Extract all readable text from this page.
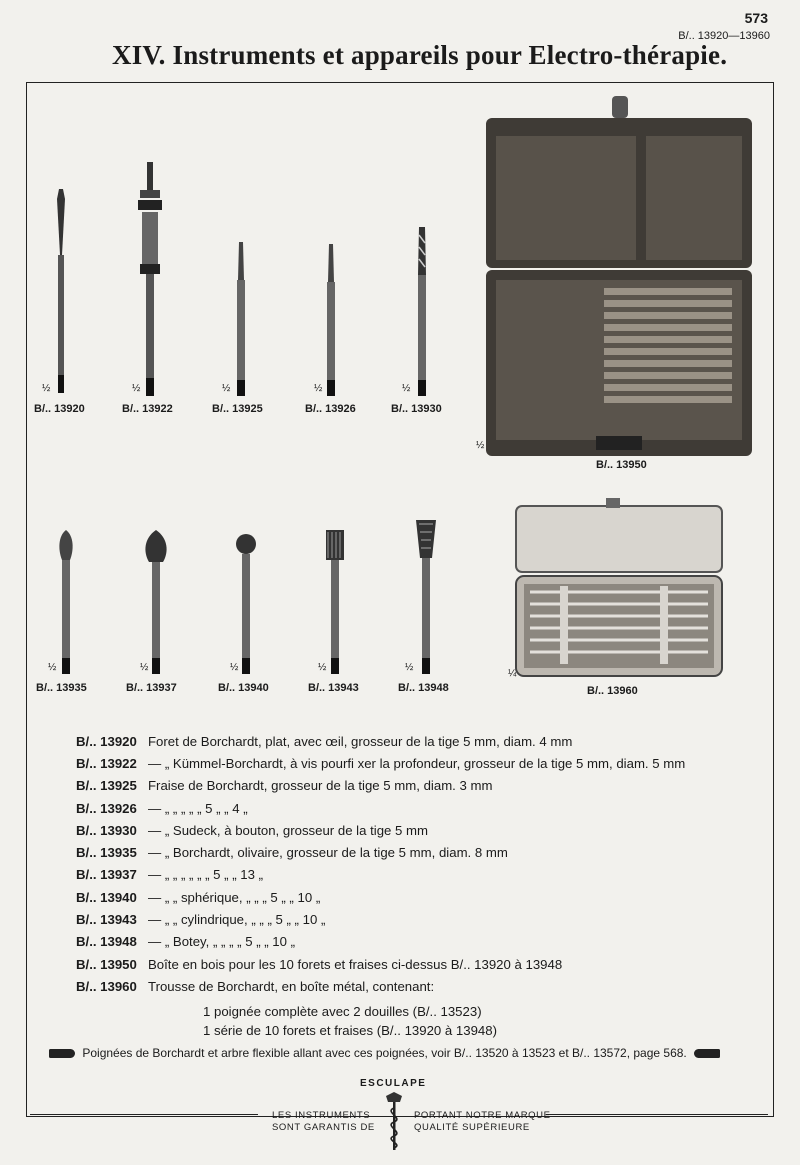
573
B/.. 13920—13960
XIV. Instruments et appareils pour Electro-thérapie.
½	½	½	½	½
B/.. 13920	B/.. 13922	B/.. 13925	B/.. 13926	B/.. 13930
½
B/.. 13950
½	½	½	½	½
B/.. 13935	B/.. 13937	B/.. 13940	B/.. 13943	B/.. 13948
¼
B/.. 13960
B/.. 13920 Foret de Borchardt, plat, avec œil, grosseur de la tige 5 mm, diam. 4 mm
B/.. 13922 — „ Kümmel-Borchardt, à vis pourfi xer la profondeur, grosseur de la tige 5 mm, diam. 5 mm
B/.. 13925 Fraise de Borchardt, grosseur de la tige 5 mm, diam. 3 mm
B/.. 13926 — „ „ „ „ „ 5 „ „ 4 „
B/.. 13930 — „ Sudeck, à bouton, grosseur de la tige 5 mm
B/.. 13935 — „ Borchardt, olivaire, grosseur de la tige 5 mm, diam. 8 mm
B/.. 13937 — „ „ „ „ „ „ 5 „ „ 13 „
B/.. 13940 — „ „ sphérique, „ „ „ 5 „ „ 10 „
B/.. 13943 — „ „ cylindrique, „ „ „ 5 „ „ 10 „
B/.. 13948 — „ Botey, „ „ „ „ 5 „ „ 10 „
B/.. 13950 Boîte en bois pour les 10 forets et fraises ci-dessus B/.. 13920 à 13948
B/.. 13960 Trousse de Borchardt, en boîte métal, contenant:
1 poignée complète avec 2 douilles (B/.. 13523)
1 série de 10 forets et fraises (B/.. 13920 à 13948)
Poignées de Borchardt et arbre flexible allant avec ces poignées, voir B/.. 13520 à 13523 et B/.. 13572, page 568.
ESCULAPE
LES INSTRUMENTS
SONT GARANTIS DE
PORTANT NOTRE MARQUE
QUALITÉ SUPÉRIEURE
